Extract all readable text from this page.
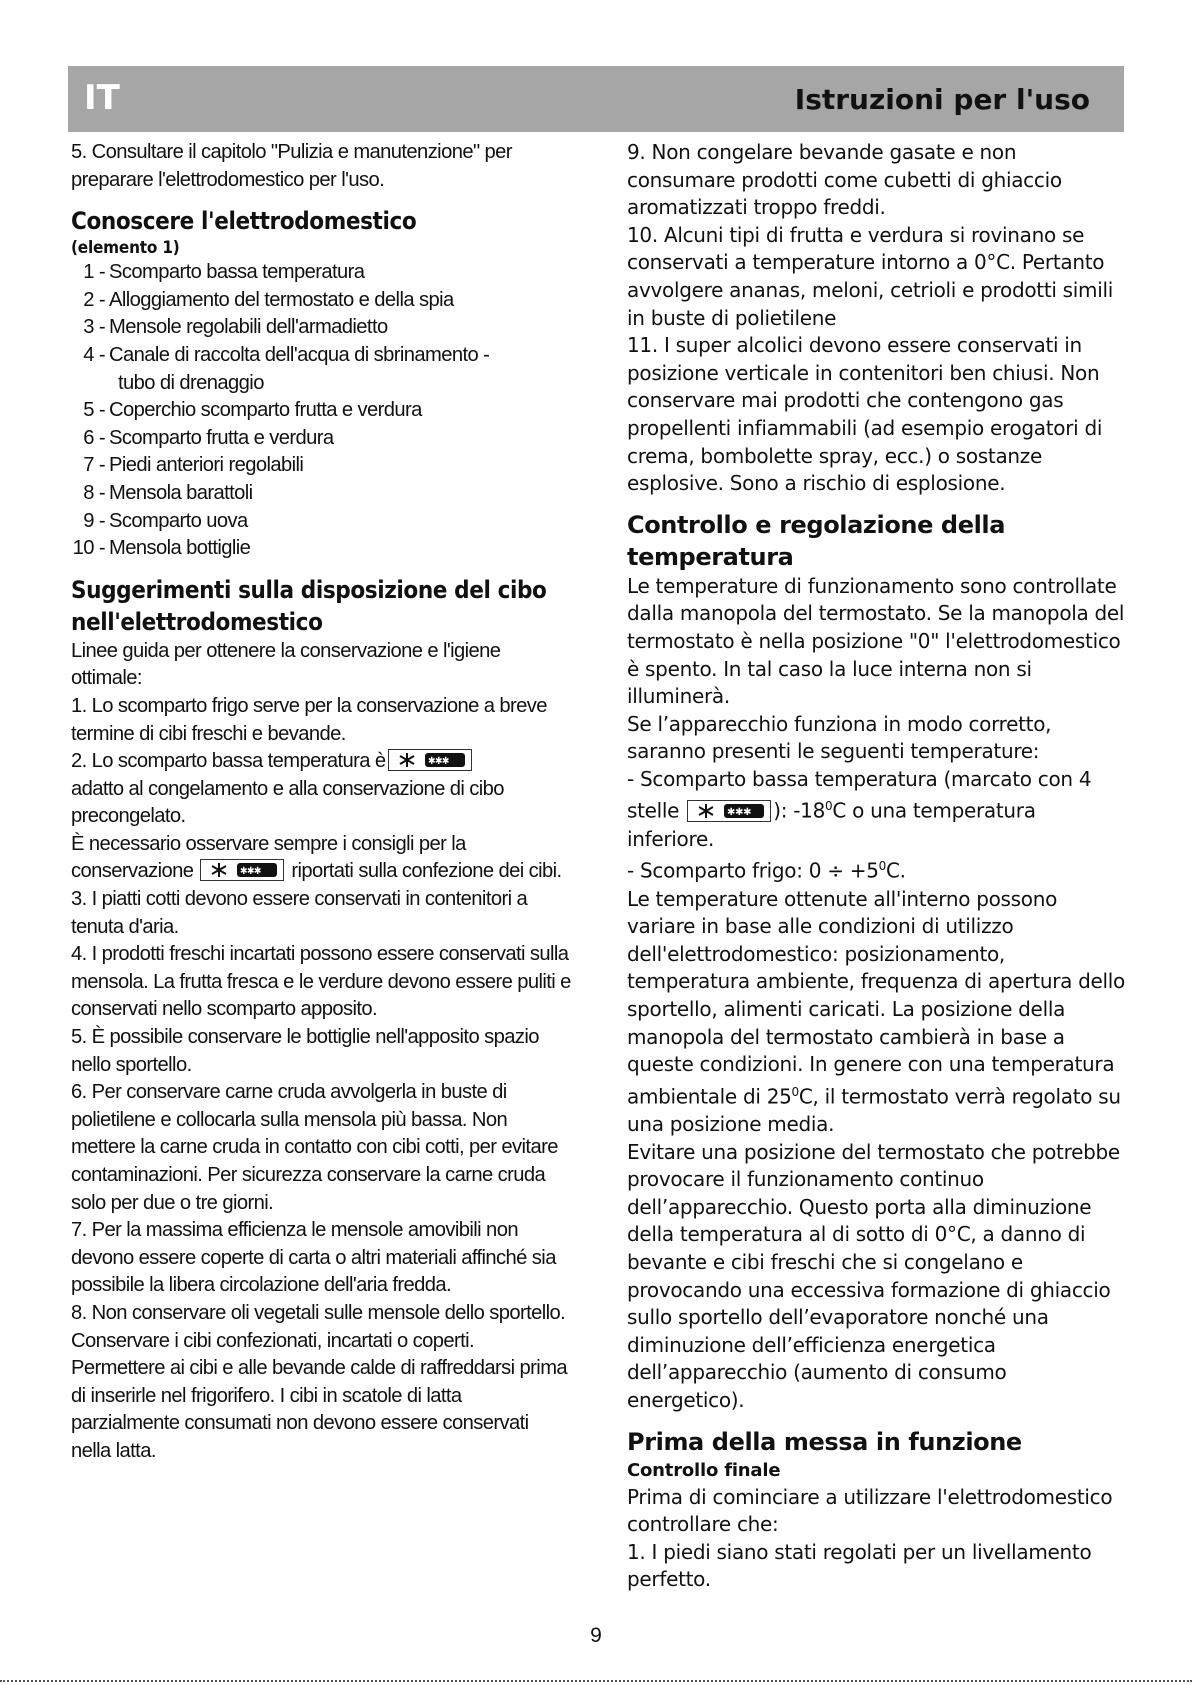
IT	Istruzioni per l'uso

5. Consultare il capitolo "Pulizia e manutenzione" per preparare l'elettrodomestico per l'uso.

Conoscere l'elettrodomestico
(elemento 1)
1 - Scomparto bassa temperatura
2 - Alloggiamento del termostato e della spia
3 - Mensole regolabili dell'armadietto
4 - Canale di raccolta dell'acqua di sbrinamento -
tubo di drenaggio
5 - Coperchio scomparto frutta e verdura
6 - Scomparto frutta e verdura
7 - Piedi anteriori regolabili
8 - Mensola barattoli
9 - Scomparto uova
10 - Mensola bottiglie
Suggerimenti sulla disposizione del cibo nell'elettrodomestico

Linee guida per ottenere la conservazione e l'igiene ottimale:

1. Lo scomparto frigo serve per la conservazione a breve termine di cibi freschi e bevande.

2. Lo scomparto bassa temperatura è	✱✱✱

adatto al congelamento e alla conservazione di cibo precongelato.
È necessario osservare sempre i consigli per la conservazione	✱✱✱ riportati sulla confezione dei cibi.

3. I piatti cotti devono essere conservati in contenitori a tenuta d'aria.

4. I prodotti freschi incartati possono essere conservati sulla mensola. La frutta fresca e le verdure devono essere puliti e conservati nello scomparto apposito.

5. È possibile conservare le bottiglie nell'apposito spazio nello sportello.

6. Per conservare carne cruda avvolgerla in buste di polietilene e collocarla sulla mensola più bassa. Non mettere la carne cruda in contatto con cibi cotti, per evitare contaminazioni. Per sicurezza conservare la carne cruda solo per due o tre giorni.

7. Per la massima efficienza le mensole amovibili non devono essere coperte di carta o altri materiali affinché sia possibile la libera circolazione dell'aria fredda.

8. Non conservare oli vegetali sulle mensole dello sportello. Conservare i cibi confezionati, incartati o coperti. Permettere ai cibi e alle bevande calde di raffreddarsi prima di inserirle nel frigorifero. I cibi in scatole di latta parzialmente consumati non devono essere conservati nella latta.

9. Non congelare bevande gasate e non consumare prodotti come cubetti di ghiaccio aromatizzati troppo freddi.

10. Alcuni tipi di frutta e verdura si rovinano se conservati a temperature intorno a 0°C. Pertanto avvolgere ananas, meloni, cetrioli e prodotti simili in buste di polietilene

11. I super alcolici devono essere conservati in posizione verticale in contenitori ben chiusi. Non conservare mai prodotti che contengono gas propellenti infiammabili (ad esempio erogatori di crema, bombolette spray, ecc.) o sostanze esplosive. Sono a rischio di esplosione.

Controllo e regolazione della temperatura

Le temperature di funzionamento sono controllate dalla manopola del termostato. Se la manopola del termostato è nella posizione "0" l'elettrodomestico è spento. In tal caso la luce interna non si illuminerà.

Se l’apparecchio funziona in modo corretto, saranno presenti le seguenti temperature:

- Scomparto bassa temperatura (marcato con 4 stelle	✱✱✱ ): $-18^0C$ o una temperatura inferiore.

- Scomparto frigo: $0 \div +5^0C$.

Le temperature ottenute all'interno possono variare in base alle condizioni di utilizzo dell'elettrodomestico: posizionamento, temperatura ambiente, frequenza di apertura dello sportello, alimenti caricati. La posizione della manopola del termostato cambierà in base a queste condizioni. In genere con una temperatura ambientale di $25^0C$, il termostato verrà regolato su una posizione media.

Evitare una posizione del termostato che potrebbe provocare il funzionamento continuo dell’apparecchio. Questo porta alla diminuzione della temperatura al di sotto di 0°C, a danno di bevante e cibi freschi che si congelano e provocando una eccessiva formazione di ghiaccio sullo sportello dell’evaporatore nonché una diminuzione dell’efficienza energetica dell’apparecchio (aumento di consumo energetico).

Prima della messa in funzione
Controllo finale

Prima di cominciare a utilizzare l'elettrodomestico controllare che:

1. I piedi siano stati regolati per un livellamento perfetto.

9
